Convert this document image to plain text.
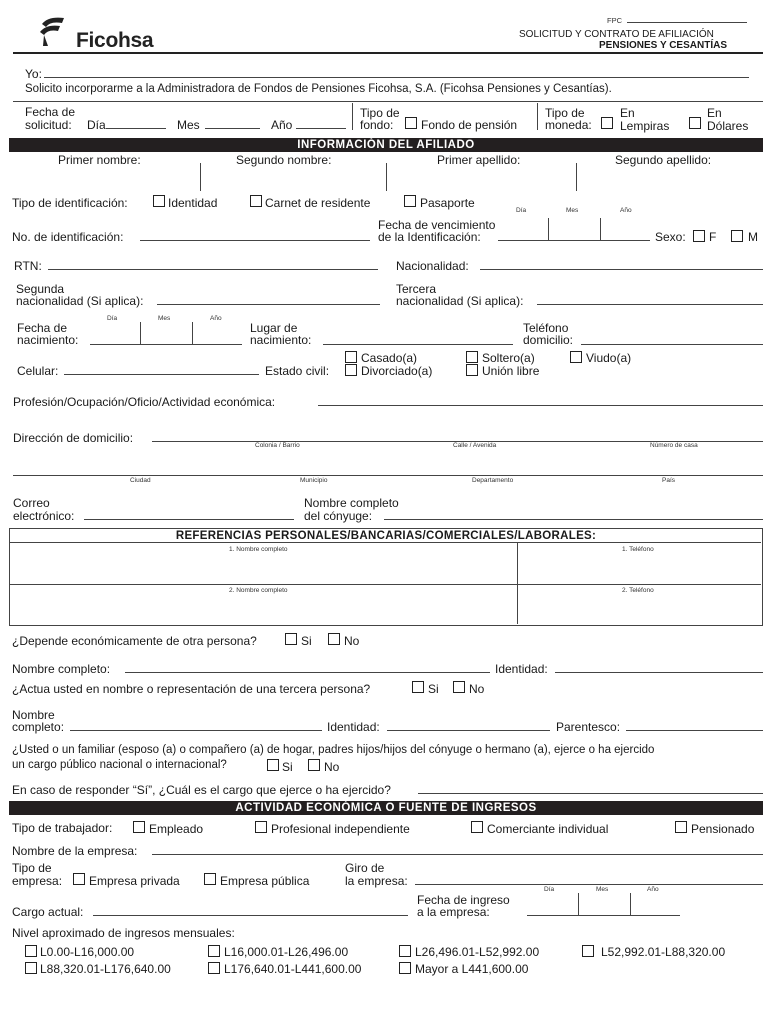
Ficohsa
FPC
SOLICITUD Y CONTRATO DE AFILIACIÓN
PENSIONES Y CESANTÍAS
Yo:
Solicito incorporarme a la Administradora de Fondos de Pensiones Ficohsa, S.A. (Ficohsa Pensiones y Cesantías).
Fecha de
solicitud: Día	Mes	Año
Tipo de
fondo: Fondo de pensión
Tipo de
moneda:
En
Lempiras
En
Dólares
INFORMACIÓN DEL AFILIADO
Primer nombre:	Segundo nombre:	Primer apellido:	Segundo apellido:
Tipo de identificación:	Identidad	Carnet de residente	Pasaporte
Día	Mes	Año
No. de identificación:
Fecha de vencimiento
de la Identificación:	Sexo: F	M
RTN:	Nacionalidad:
Segunda
nacionalidad (Si aplica):
Tercera
nacionalidad (Si aplica):
Día	Mes	Año
Fecha de
nacimiento:
Lugar de
nacimiento:
Teléfono
domicilio:
Casado(a)	Soltero(a)	Viudo(a)
Celular:	Estado civil:	Divorciado(a)	Unión libre
Profesión/Ocupación/Oficio/Actividad económica:
Dirección de domicilio:
Colonia / Barrio	Calle / Avenida	Número de casa
Ciudad	Municipio	Departamento	País
Correo
electrónico:
Nombre completo
del cónyuge:
REFERENCIAS PERSONALES/BANCARIAS/COMERCIALES/LABORALES:
1. Nombre completo	1. Teléfono
2. Nombre completo	2. Teléfono
¿Depende económicamente de otra persona?	Si	No
Nombre completo:	Identidad:
¿Actua usted en nombre o representación de una tercera persona?	Si	No
Nombre
completo:	Identidad:	Parentesco:
¿Usted o un familiar (esposo (a) o compañero (a) de hogar, padres hijos/hijos del cónyuge o hermano (a), ejerce o ha ejercido
un cargo público nacional o internacional?	Si	No
En caso de responder “Sí”, ¿Cuál es el cargo que ejerce o ha ejercido?
ACTIVIDAD ECONÓMICA O FUENTE DE INGRESOS
Tipo de trabajador:	Empleado	Profesional independiente	Comerciante individual	Pensionado
Nombre de la empresa:
Tipo de
empresa: Empresa privada	Empresa pública
Giro de
la empresa:
Día	Mes	Año
Fecha de ingreso
a la empresa:
Cargo actual:
Nivel aproximado de ingresos mensuales:
L0.00-L16,000.00	L16,000.01-L26,496.00	L26,496.01-L52,992.00	L52,992.01-L88,320.00
L88,320.01-L176,640.00	L176,640.01-L441,600.00	Mayor a L441,600.00
